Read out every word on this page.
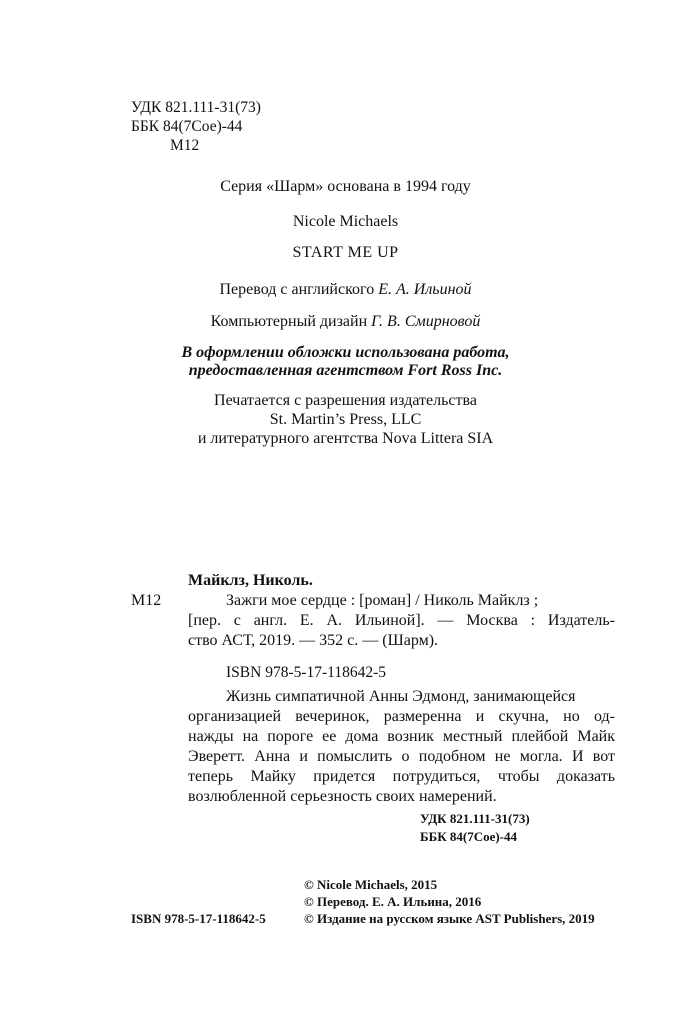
УДК 821.111-31(73)
ББК 84(7Сое)-44
М12
Серия «Шарм» основана в 1994 году
Nicole Michaels
START ME UP
Перевод с английского Е. А. Ильиной
Компьютерный дизайн Г. В. Смирновой
В оформлении обложки использована работа,
предоставленная агентством Fort Ross Inc.
Печатается с разрешения издательства
St. Martin’s Press, LLC
и литературного агентства Nova Littera SIA
Майклз, Николь.
М12	Зажги мое сердце : [роман] / Николь Майклз ;
[пер. с англ. Е. А. Ильиной]. — Москва : Издатель-
ство АСТ, 2019. — 352 с. — (Шарм).
ISBN 978-5-17-118642-5
Жизнь симпатичной Анны Эдмонд, занимающейся
организацией вечеринок, размеренна и скучна, но од-
нажды на пороге ее дома возник местный плейбой Майк
Эверетт. Анна и помыслить о подобном не могла. И вот
теперь Майку придется потрудиться, чтобы доказать
возлюбленной серьезность своих намерений.
УДК 821.111-31(73)
ББК 84(7Сое)-44
© Nicole Michaels, 2015
© Перевод. Е. А. Ильина, 2016
ISBN 978-5-17-118642-5	© Издание на русском языке AST Publishers, 2019
